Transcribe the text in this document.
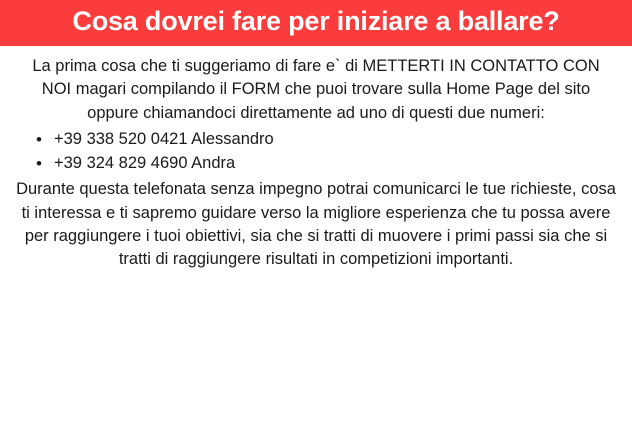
Cosa dovrei fare per iniziare a ballare?

La prima cosa che ti suggeriamo di fare e` di METTERTI IN CONTATTO CON NOI magari compilando il FORM che puoi trovare sulla Home Page del sito oppure chiamandoci direttamente ad uno di questi due numeri:

• +39 338 520 0421 Alessandro
• +39 324 829 4690 Andra

Durante questa telefonata senza impegno potrai comunicarci le tue richieste, cosa ti interessa e ti sapremo guidare verso la migliore esperienza che tu possa avere per raggiungere i tuoi obiettivi, sia che si tratti di muovere i primi passi sia che si tratti di raggiungere risultati in competizioni importanti.
